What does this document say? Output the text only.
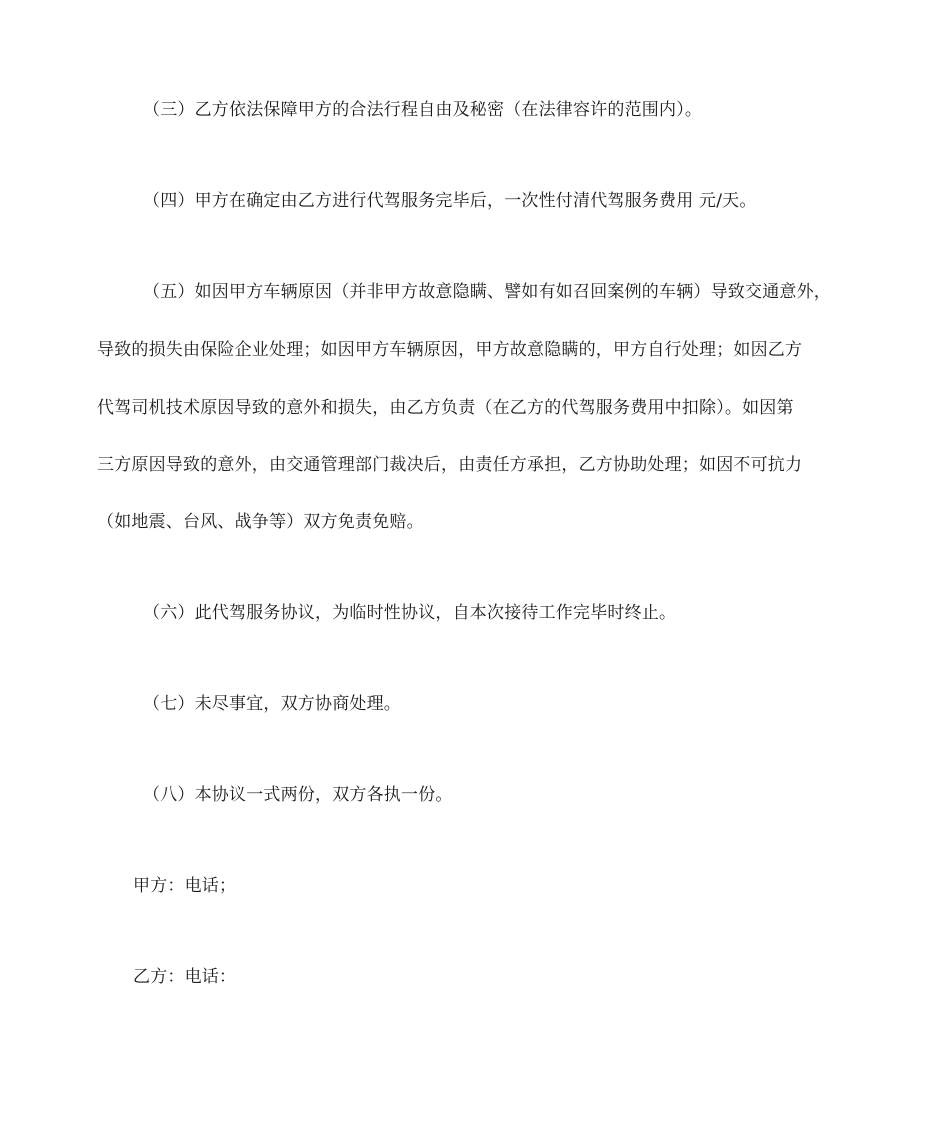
（三）乙方依法保障甲方的合法行程自由及秘密（在法律容许的范围内）。
（四）甲方在确定由乙方进行代驾服务完毕后，一次性付清代驾服务费用 元/天。
（五）如因甲方车辆原因（并非甲方故意隐瞒、譬如有如召回案例的车辆）导致交通意外，
导致的损失由保险企业处理；如因甲方车辆原因，甲方故意隐瞒的，甲方自行处理；如因乙方
代驾司机技术原因导致的意外和损失，由乙方负责（在乙方的代驾服务费用中扣除）。如因第
三方原因导致的意外，由交通管理部门裁决后，由责任方承担，乙方协助处理；如因不可抗力
（如地震、台风、战争等）双方免责免赔。
（六）此代驾服务协议，为临时性协议，自本次接待工作完毕时终止。
（七）未尽事宜，双方协商处理。
（八）本协议一式两份，双方各执一份。
甲方：电话；
乙方：电话：
